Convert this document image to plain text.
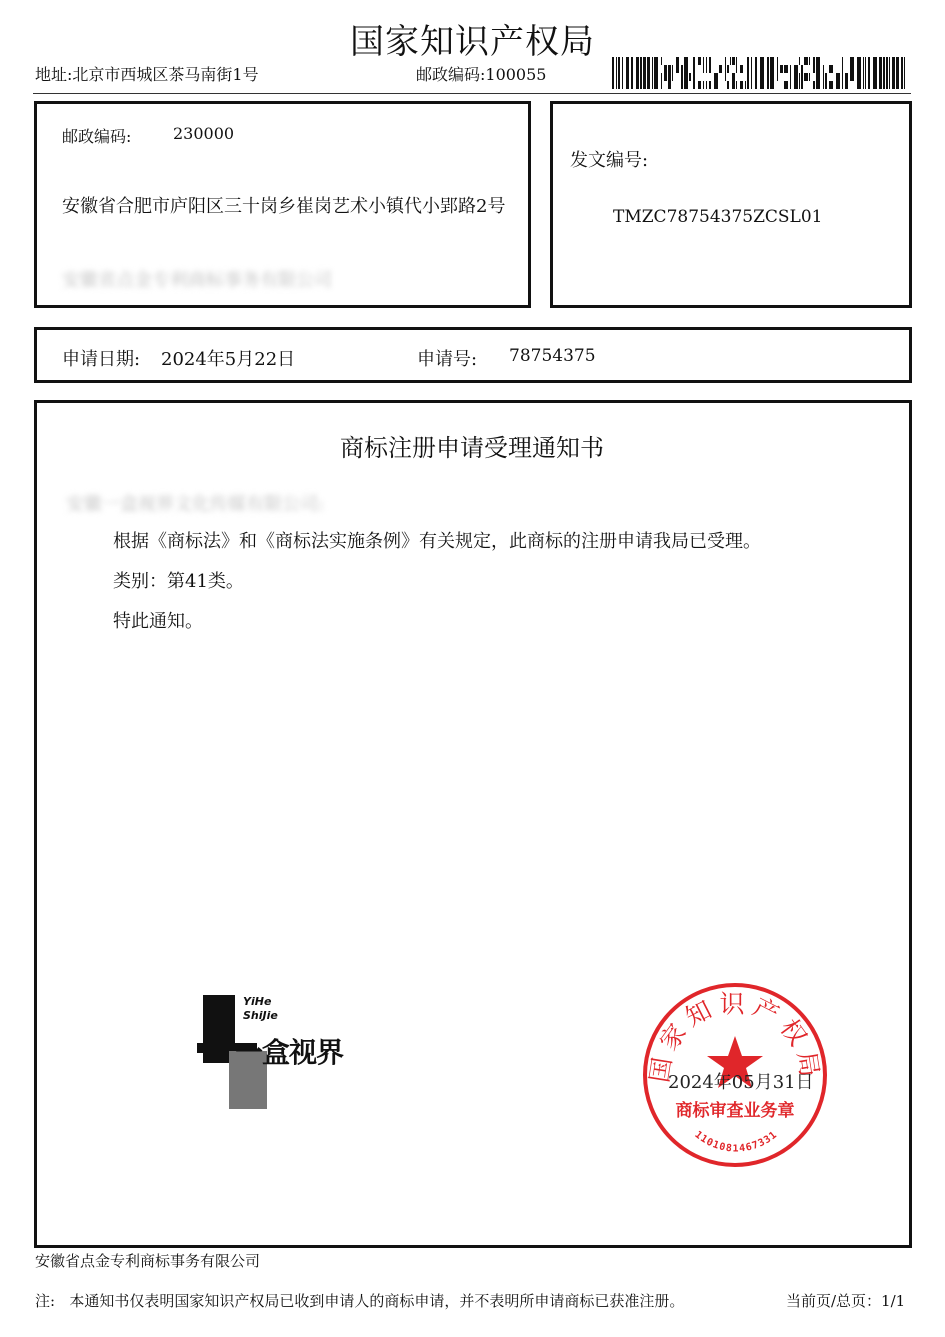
国家知识产权局
地址:北京市西城区茶马南街1号	邮政编码:100055
邮政编码:	230000
安徽省合肥市庐阳区三十岗乡崔岗艺术小镇代小郢路2号
安徽省点金专利商标事务有限公司
发文编号:
TMZC78754375ZCSL01
申请日期: 2024年5月22日	申请号: 78754375
商标注册申请受理通知书
安徽一盒视界文化传媒有限公司:
根据《商标法》和《商标法实施条例》有关规定，此商标的注册申请我局已受理。
类别：第41类。
特此通知。
YiHe
ShiJie
一盒视界	国家知识产权局
商标审查业务章
1101081467331
2024年05月31日
安徽省点金专利商标事务有限公司
注:   本通知书仅表明国家知识产权局已收到申请人的商标申请，并不表明所申请商标已获准注册。	当前页/总页：1/1
